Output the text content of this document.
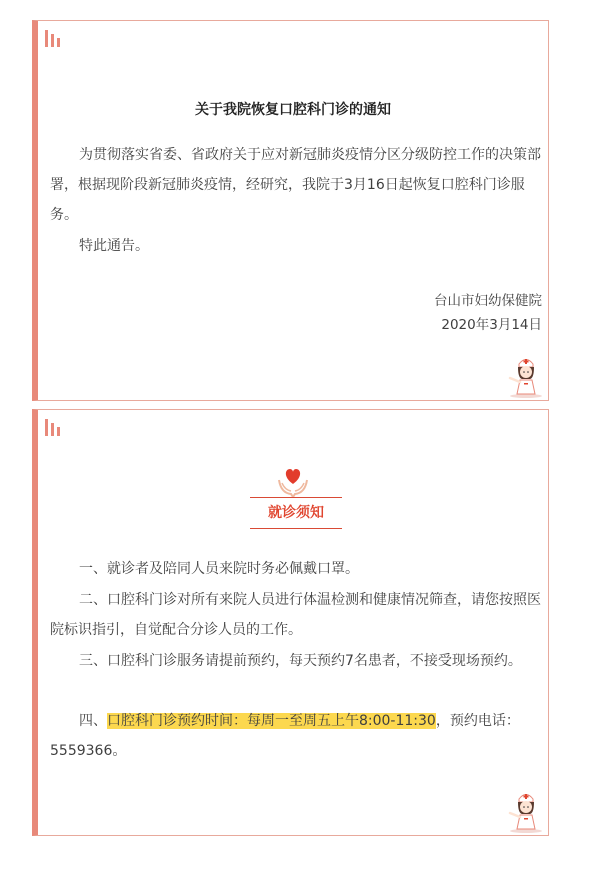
关于我院恢复口腔科门诊的通知
为贯彻落实省委、省政府关于应对新冠肺炎疫情分区分级防控工作的决策部署，根据现阶段新冠肺炎疫情，经研究，我院于3月16日起恢复口腔科门诊服务。
特此通告。
台山市妇幼保健院
2020年3月14日
就诊须知
一、就诊者及陪同人员来院时务必佩戴口罩。
二、口腔科门诊对所有来院人员进行体温检测和健康情况筛查，请您按照医院标识指引，自觉配合分诊人员的工作。
三、口腔科门诊服务请提前预约，每天预约7名患者，不接受现场预约。
四、口腔科门诊预约时间：每周一至周五上午8:00-11:30，预约电话：5559366。
